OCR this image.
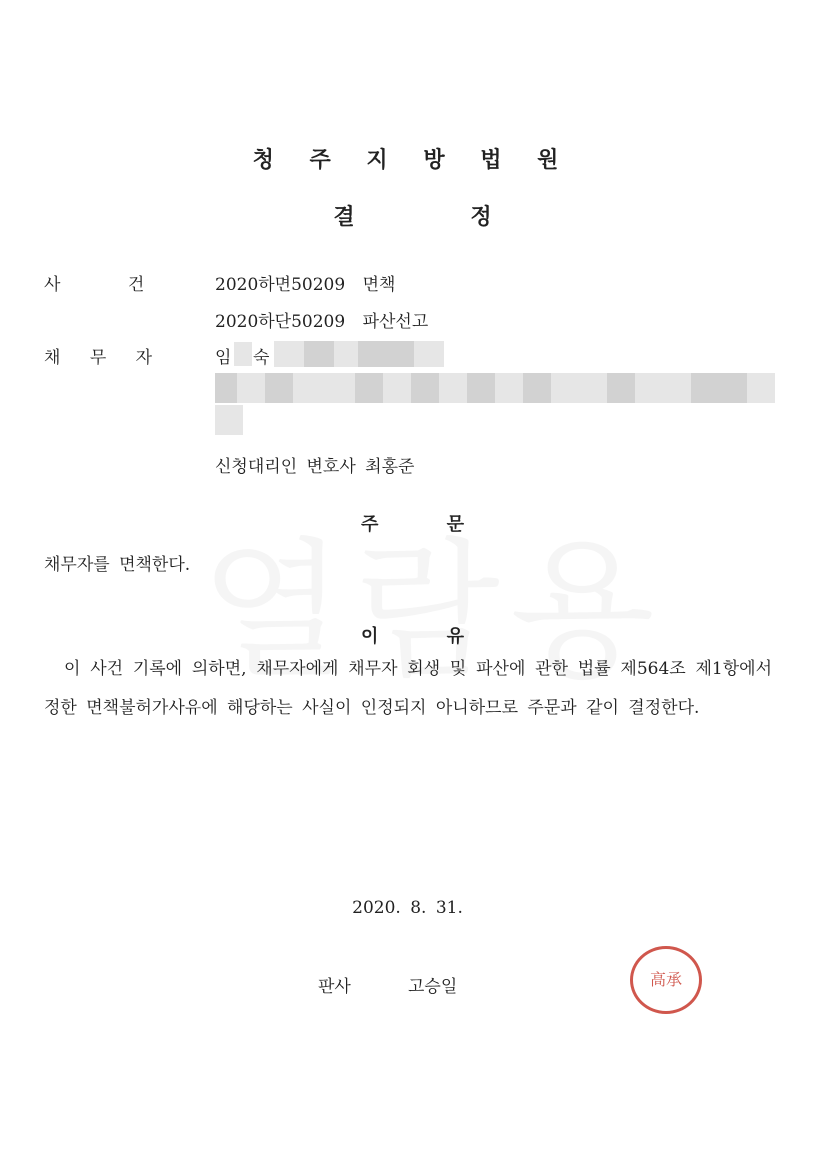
청 주 지 방 법 원
결 정
사 건	2020하면50209 면책
2020하단50209 파산선고
채 무 자	임 숙
신청대리인 변호사 최홍준
주 문
채무자를 면책한다.
이 유
이 사건 기록에 의하면, 채무자에게 채무자 회생 및 파산에 관한 법률 제564조 제1항에서 정한 면책불허가사유에 해당하는 사실이 인정되지 아니하므로 주문과 같이 결정한다.
2020. 8. 31.
판사	고승일	高承
